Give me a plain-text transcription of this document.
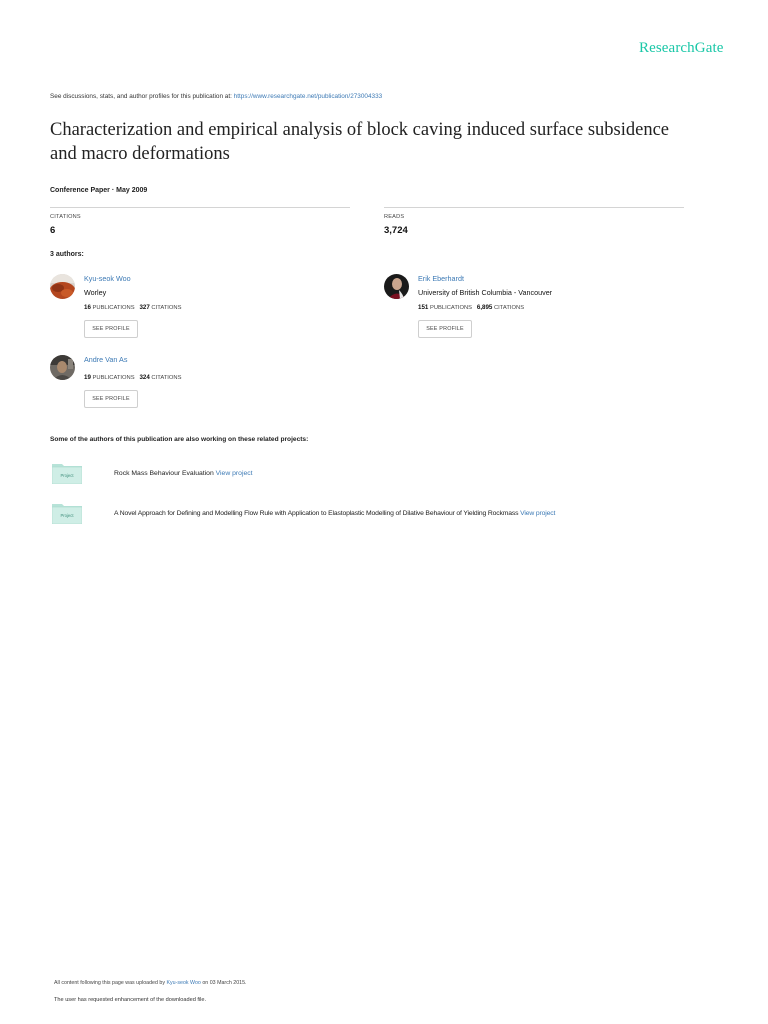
ResearchGate
See discussions, stats, and author profiles for this publication at: https://www.researchgate.net/publication/273004333
Characterization and empirical analysis of block caving induced surface subsidence and macro deformations
Conference Paper · May 2009
CITATIONS
6
READS
3,724
3 authors:
Kyu-seok Woo
Worley
16 PUBLICATIONS 327 CITATIONS
SEE PROFILE
Erik Eberhardt
University of British Columbia - Vancouver
151 PUBLICATIONS 6,895 CITATIONS
SEE PROFILE
Andre Van As
19 PUBLICATIONS 324 CITATIONS
SEE PROFILE
Some of the authors of this publication are also working on these related projects:
Project	Rock Mass Behaviour Evaluation View project
Project	A Novel Approach for Defining and Modelling Flow Rule with Application to Elastoplastic Modelling of Dilative Behaviour of Yielding Rockmass View project
All content following this page was uploaded by Kyu-seok Woo on 03 March 2015.
The user has requested enhancement of the downloaded file.
